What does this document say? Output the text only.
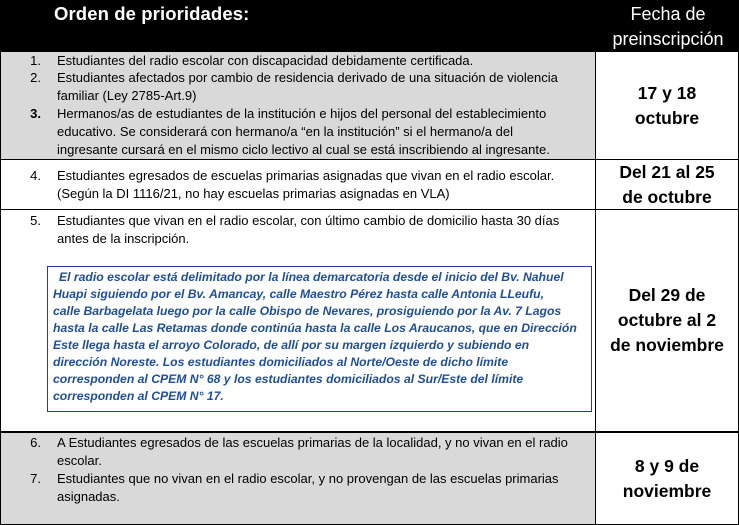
Orden de prioridades:	Fecha de
preinscripción
1. Estudiantes del radio escolar con discapacidad debidamente certificada.
2. Estudiantes afectados por cambio de residencia derivado de una situación de violencia
familiar (Ley 2785-Art.9)
3. Hermanos/as de estudiantes de la institución e hijos del personal del establecimiento
educativo. Se considerará con hermano/a “en la institución” si el hermano/a del
ingresante cursará en el mismo ciclo lectivo al cual se está inscribiendo al ingresante.
17 y 18
octubre
4. Estudiantes egresados de escuelas primarias asignadas que vivan en el radio escolar.
(Según la DI 1116/21, no hay escuelas primarias asignadas en VLA)
Del 21 al 25
de octubre
5. Estudiantes que vivan en el radio escolar, con último cambio de domicilio hasta 30 días
antes de la inscripción.
Del 29 de
octubre al 2
de noviembre
El radio escolar está delimitado por la línea demarcatoria desde el inicio del Bv. Nahuel
Huapi siguiendo por el Bv. Amancay, calle Maestro Pérez hasta calle Antonia LLeufu,
calle Barbagelata luego por la calle Obispo de Nevares, prosiguiendo por la Av. 7 Lagos
hasta la calle Las Retamas donde continúa hasta la calle Los Araucanos, que en Dirección
Este llega hasta el arroyo Colorado, de allí por su margen izquierdo y subiendo en
dirección Noreste. Los estudiantes domiciliados al Norte/Oeste de dicho límite
corresponden al CPEM N° 68 y los estudiantes domiciliados al Sur/Este del límite
corresponden al CPEM N° 17.
6. A Estudiantes egresados de las escuelas primarias de la localidad, y no vivan en el radio
escolar.
7. Estudiantes que no vivan en el radio escolar, y no provengan de las escuelas primarias
asignadas.
8 y 9 de
noviembre
